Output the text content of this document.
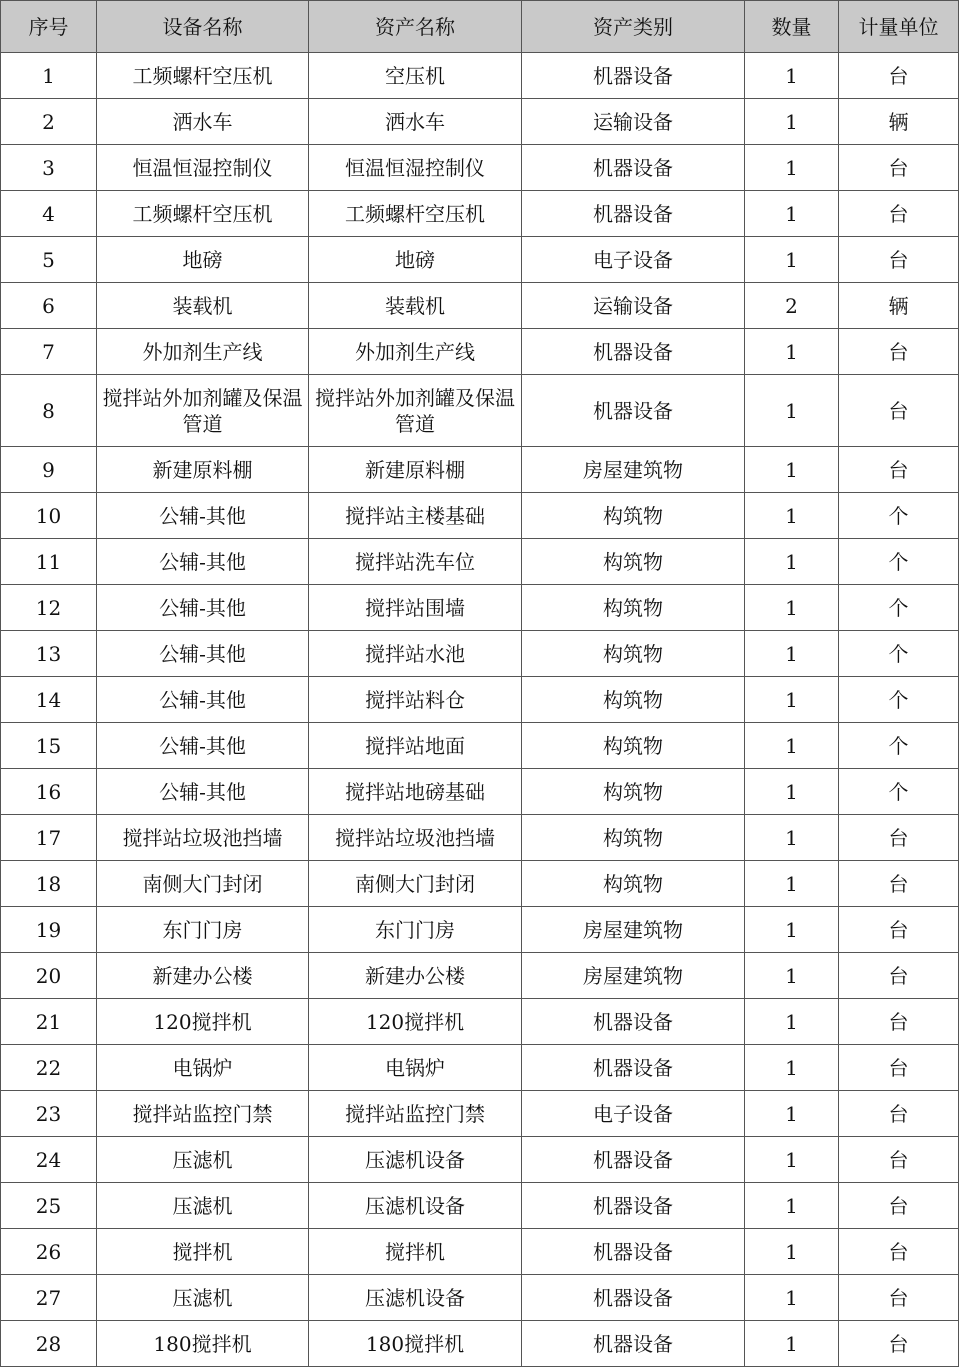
序号	设备名称	资产名称	资产类别	数量	计量单位
1	工频螺杆空压机	空压机	机器设备	1	台
2	洒水车	洒水车	运输设备	1	辆
3	恒温恒湿控制仪	恒温恒湿控制仪	机器设备	1	台
4	工频螺杆空压机	工频螺杆空压机	机器设备	1	台
5	地磅	地磅	电子设备	1	台
6	装载机	装载机	运输设备	2	辆
7	外加剂生产线	外加剂生产线	机器设备	1	台
8	搅拌站外加剂罐及保温管道	搅拌站外加剂罐及保温管道	机器设备	1	台
9	新建原料棚	新建原料棚	房屋建筑物	1	台
10	公辅-其他	搅拌站主楼基础	构筑物	1	个
11	公辅-其他	搅拌站洗车位	构筑物	1	个
12	公辅-其他	搅拌站围墙	构筑物	1	个
13	公辅-其他	搅拌站水池	构筑物	1	个
14	公辅-其他	搅拌站料仓	构筑物	1	个
15	公辅-其他	搅拌站地面	构筑物	1	个
16	公辅-其他	搅拌站地磅基础	构筑物	1	个
17	搅拌站垃圾池挡墙	搅拌站垃圾池挡墙	构筑物	1	台
18	南侧大门封闭	南侧大门封闭	构筑物	1	台
19	东门门房	东门门房	房屋建筑物	1	台
20	新建办公楼	新建办公楼	房屋建筑物	1	台
21	120搅拌机	120搅拌机	机器设备	1	台
22	电锅炉	电锅炉	机器设备	1	台
23	搅拌站监控门禁	搅拌站监控门禁	电子设备	1	台
24	压滤机	压滤机设备	机器设备	1	台
25	压滤机	压滤机设备	机器设备	1	台
26	搅拌机	搅拌机	机器设备	1	台
27	压滤机	压滤机设备	机器设备	1	台
28	180搅拌机	180搅拌机	机器设备	1	台
